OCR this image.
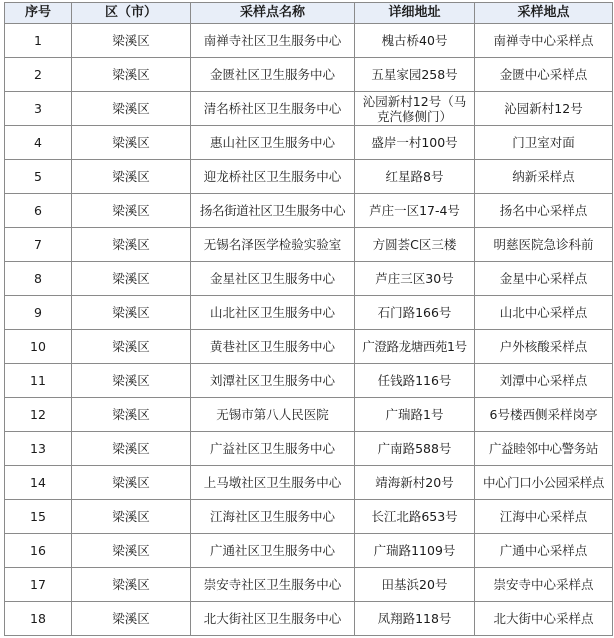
序号	区（市）	采样点名称	详细地址	采样地点
1	梁溪区	南禅寺社区卫生服务中心	槐古桥40号	南禅寺中心采样点
2	梁溪区	金匮社区卫生服务中心	五星家园258号	金匮中心采样点
3	梁溪区	清名桥社区卫生服务中心	沁园新村12号（马克汽修侧门）	沁园新村12号
4	梁溪区	惠山社区卫生服务中心	盛岸一村100号	门卫室对面
5	梁溪区	迎龙桥社区卫生服务中心	红星路8号	纳新采样点
6	梁溪区	扬名街道社区卫生服务中心	芦庄一区17-4号	扬名中心采样点
7	梁溪区	无锡名泽医学检验实验室	方圆荟C区三楼	明慈医院急诊科前
8	梁溪区	金星社区卫生服务中心	芦庄三区30号	金星中心采样点
9	梁溪区	山北社区卫生服务中心	石门路166号	山北中心采样点
10	梁溪区	黄巷社区卫生服务中心	广澄路龙塘西苑1号	户外核酸采样点
11	梁溪区	刘潭社区卫生服务中心	任钱路116号	刘潭中心采样点
12	梁溪区	无锡市第八人民医院	广瑞路1号	6号楼西侧采样岗亭
13	梁溪区	广益社区卫生服务中心	广南路588号	广益睦邻中心警务站
14	梁溪区	上马墩社区卫生服务中心	靖海新村20号	中心门口小公园采样点
15	梁溪区	江海社区卫生服务中心	长江北路653号	江海中心采样点
16	梁溪区	广通社区卫生服务中心	广瑞路1109号	广通中心采样点
17	梁溪区	崇安寺社区卫生服务中心	田基浜20号	崇安寺中心采样点
18	梁溪区	北大街社区卫生服务中心	凤翔路118号	北大街中心采样点
